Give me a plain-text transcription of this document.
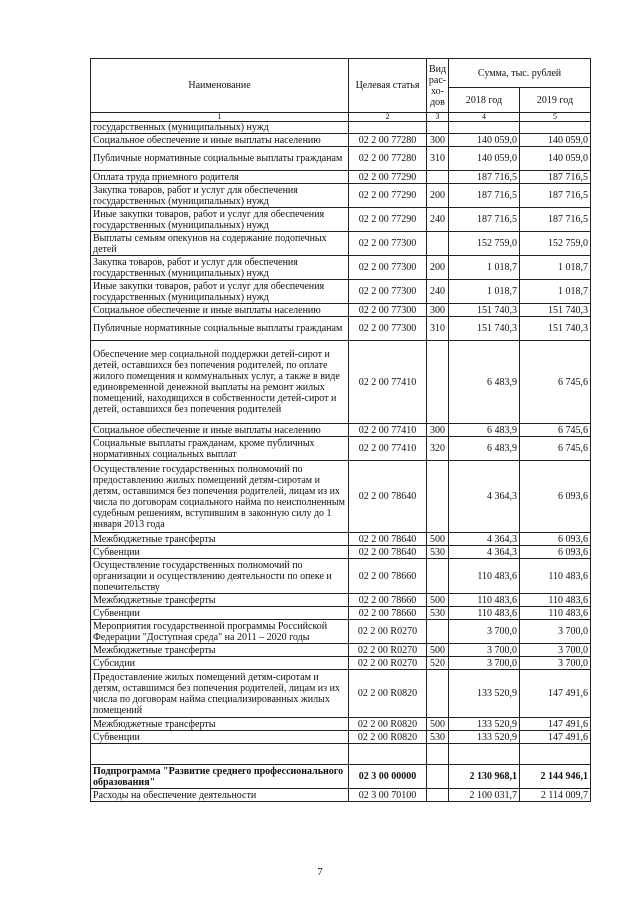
Наименование	Целевая статья	Вид рас-хо-дов	Сумма, тыс. рублей	
			2018 год	2019 год
1	2	3	4	5
государственных (муниципальных) нужд				
Социальное обеспечение и иные выплаты населению	02 2 00 77280	300	140 059,0	140 059,0
Публичные нормативные социальные выплаты гражданам	02 2 00 77280	310	140 059,0	140 059,0
Оплата труда приемного родителя	02 2 00 77290		187 716,5	187 716,5
Закупка товаров, работ и услуг для обеспечения государственных (муниципальных) нужд	02 2 00 77290	200	187 716,5	187 716,5
Иные закупки товаров, работ и услуг для обеспечения государственных (муниципальных) нужд	02 2 00 77290	240	187 716,5	187 716,5
Выплаты семьям опекунов на содержание подопечных детей	02 2 00 77300		152 759,0	152 759,0
Закупка товаров, работ и услуг для обеспечения государственных (муниципальных) нужд	02 2 00 77300	200	1 018,7	1 018,7
Иные закупки товаров, работ и услуг для обеспечения государственных (муниципальных) нужд	02 2 00 77300	240	1 018,7	1 018,7
Социальное обеспечение и иные выплаты населению	02 2 00 77300	300	151 740,3	151 740,3
Публичные нормативные социальные выплаты гражданам	02 2 00 77300	310	151 740,3	151 740,3
Обеспечение мер социальной поддержки детей-сирот и детей, оставшихся без попечения родителей, по оплате жилого помещения и коммунальных услуг, а также в виде единовременной денежной выплаты на ремонт жилых помещений, находящихся в собственности детей-сирот и детей, оставшихся без попечения родителей	02 2 00 77410		6 483,9	6 745,6
Социальное обеспечение и иные выплаты населению	02 2 00 77410	300	6 483,9	6 745,6
Социальные выплаты гражданам, кроме публичных нормативных социальных выплат	02 2 00 77410	320	6 483,9	6 745,6
Осуществление государственных полномочий по предоставлению жилых помещений детям-сиротам и детям, оставшимся без попечения родителей, лицам из их числа по договорам социального найма по неисполненным судебным решениям, вступившим в законную силу до 1 января 2013 года	02 2 00 78640		4 364,3	6 093,6
Межбюджетные трансферты	02 2 00 78640	500	4 364,3	6 093,6
Субвенции	02 2 00 78640	530	4 364,3	6 093,6
Осуществление государственных полномочий по организации и осуществлению деятельности по опеке и попечительству	02 2 00 78660		110 483,6	110 483,6
Межбюджетные трансферты	02 2 00 78660	500	110 483,6	110 483,6
Субвенции	02 2 00 78660	530	110 483,6	110 483,6
Мероприятия государственной программы Российской Федерации "Доступная среда" на 2011 – 2020 годы	02 2 00 R0270		3 700,0	3 700,0
Межбюджетные трансферты	02 2 00 R0270	500	3 700,0	3 700,0
Субсидии	02 2 00 R0270	520	3 700,0	3 700,0
Предоставление жилых помещений детям-сиротам и детям, оставшимся без попечения родителей, лицам из их числа по договорам найма специализированных жилых помещений	02 2 00 R0820		133 520,9	147 491,6
Межбюджетные трансферты	02 2 00 R0820	500	133 520,9	147 491,6
Субвенции	02 2 00 R0820	530	133 520,9	147 491,6

Подпрограмма "Развитие среднего профессионального образования"	02 3 00 00000		2 130 968,1	2 144 946,1
Расходы на обеспечение деятельности	02 3 00 70100		2 100 031,7	2 114 009,7
7
